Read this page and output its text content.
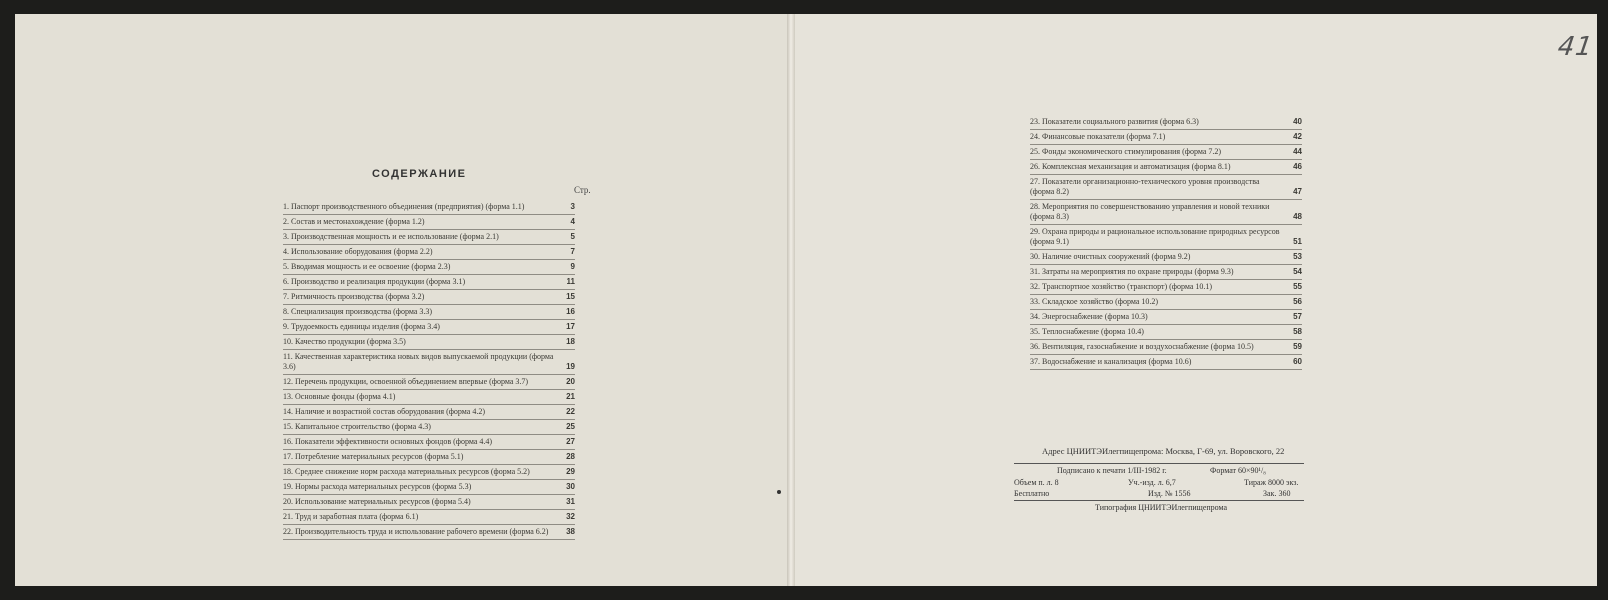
41
СОДЕРЖАНИЕ
Стр.
1. Паспорт производственного объединения (предприятия) (форма 1.1)	3
2. Состав и местонахождение (форма 1.2)	4
3. Производственная мощность и ее использование (форма 2.1)	5
4. Использование оборудования (форма 2.2)	7
5. Вводимая мощность и ее освоение (форма 2.3)	9
6. Производство и реализация продукции (форма 3.1)	11
7. Ритмичность производства (форма 3.2)	15
8. Специализация производства (форма 3.3)	16
9. Трудоемкость единицы изделия (форма 3.4)	17
10. Качество продукции (форма 3.5)	18
11. Качественная характеристика новых видов выпускаемой продукции (форма 3.6)	19
12. Перечень продукции, освоенной объединением впервые (форма 3.7)	20
13. Основные фонды (форма 4.1)	21
14. Наличие и возрастной состав оборудования (форма 4.2)	22
15. Капитальное строительство (форма 4.3)	25
16. Показатели эффективности основных фондов (форма 4.4)	27
17. Потребление материальных ресурсов (форма 5.1)	28
18. Среднее снижение норм расхода материальных ресурсов (форма 5.2)	29
19. Нормы расхода материальных ресурсов (форма 5.3)	30
20. Использование материальных ресурсов (форма 5.4)	31
21. Труд и заработная плата (форма 6.1)	32
22. Производительность труда и использование рабочего времени (форма 6.2)	38
23. Показатели социального развития (форма 6.3)	40
24. Финансовые показатели (форма 7.1)	42
25. Фонды экономического стимулирования (форма 7.2)	44
26. Комплексная механизация и автоматизация (форма 8.1)	46
27. Показатели организационно-технического уровня производства (форма 8.2)	47
28. Мероприятия по совершенствованию управления и новой техники (форма 8.3)	48
29. Охрана природы и рациональное использование природных ресурсов (форма 9.1)	51
30. Наличие очистных сооружений (форма 9.2)	53
31. Затраты на мероприятия по охране природы (форма 9.3)	54
32. Транспортное хозяйство (транспорт) (форма 10.1)	55
33. Складское хозяйство (форма 10.2)	56
34. Энергоснабжение (форма 10.3)	57
35. Теплоснабжение (форма 10.4)	58
36. Вентиляция, газоснабжение и воздухоснабжение (форма 10.5)	59
37. Водоснабжение и канализация (форма 10.6)	60
Адрес ЦНИИТЭИлегпищепрома: Москва, Г-69, ул. Воровского, 22
Подписано к печати 1/III-1982 г.	Формат 60×90¹/₈
Объем п. л. 8	Уч.-изд. л. 6,7	Тираж 8000 экз.
Бесплатно	Изд. № 1556	Зак. 360
Типография ЦНИИТЭИлегпищепрома
